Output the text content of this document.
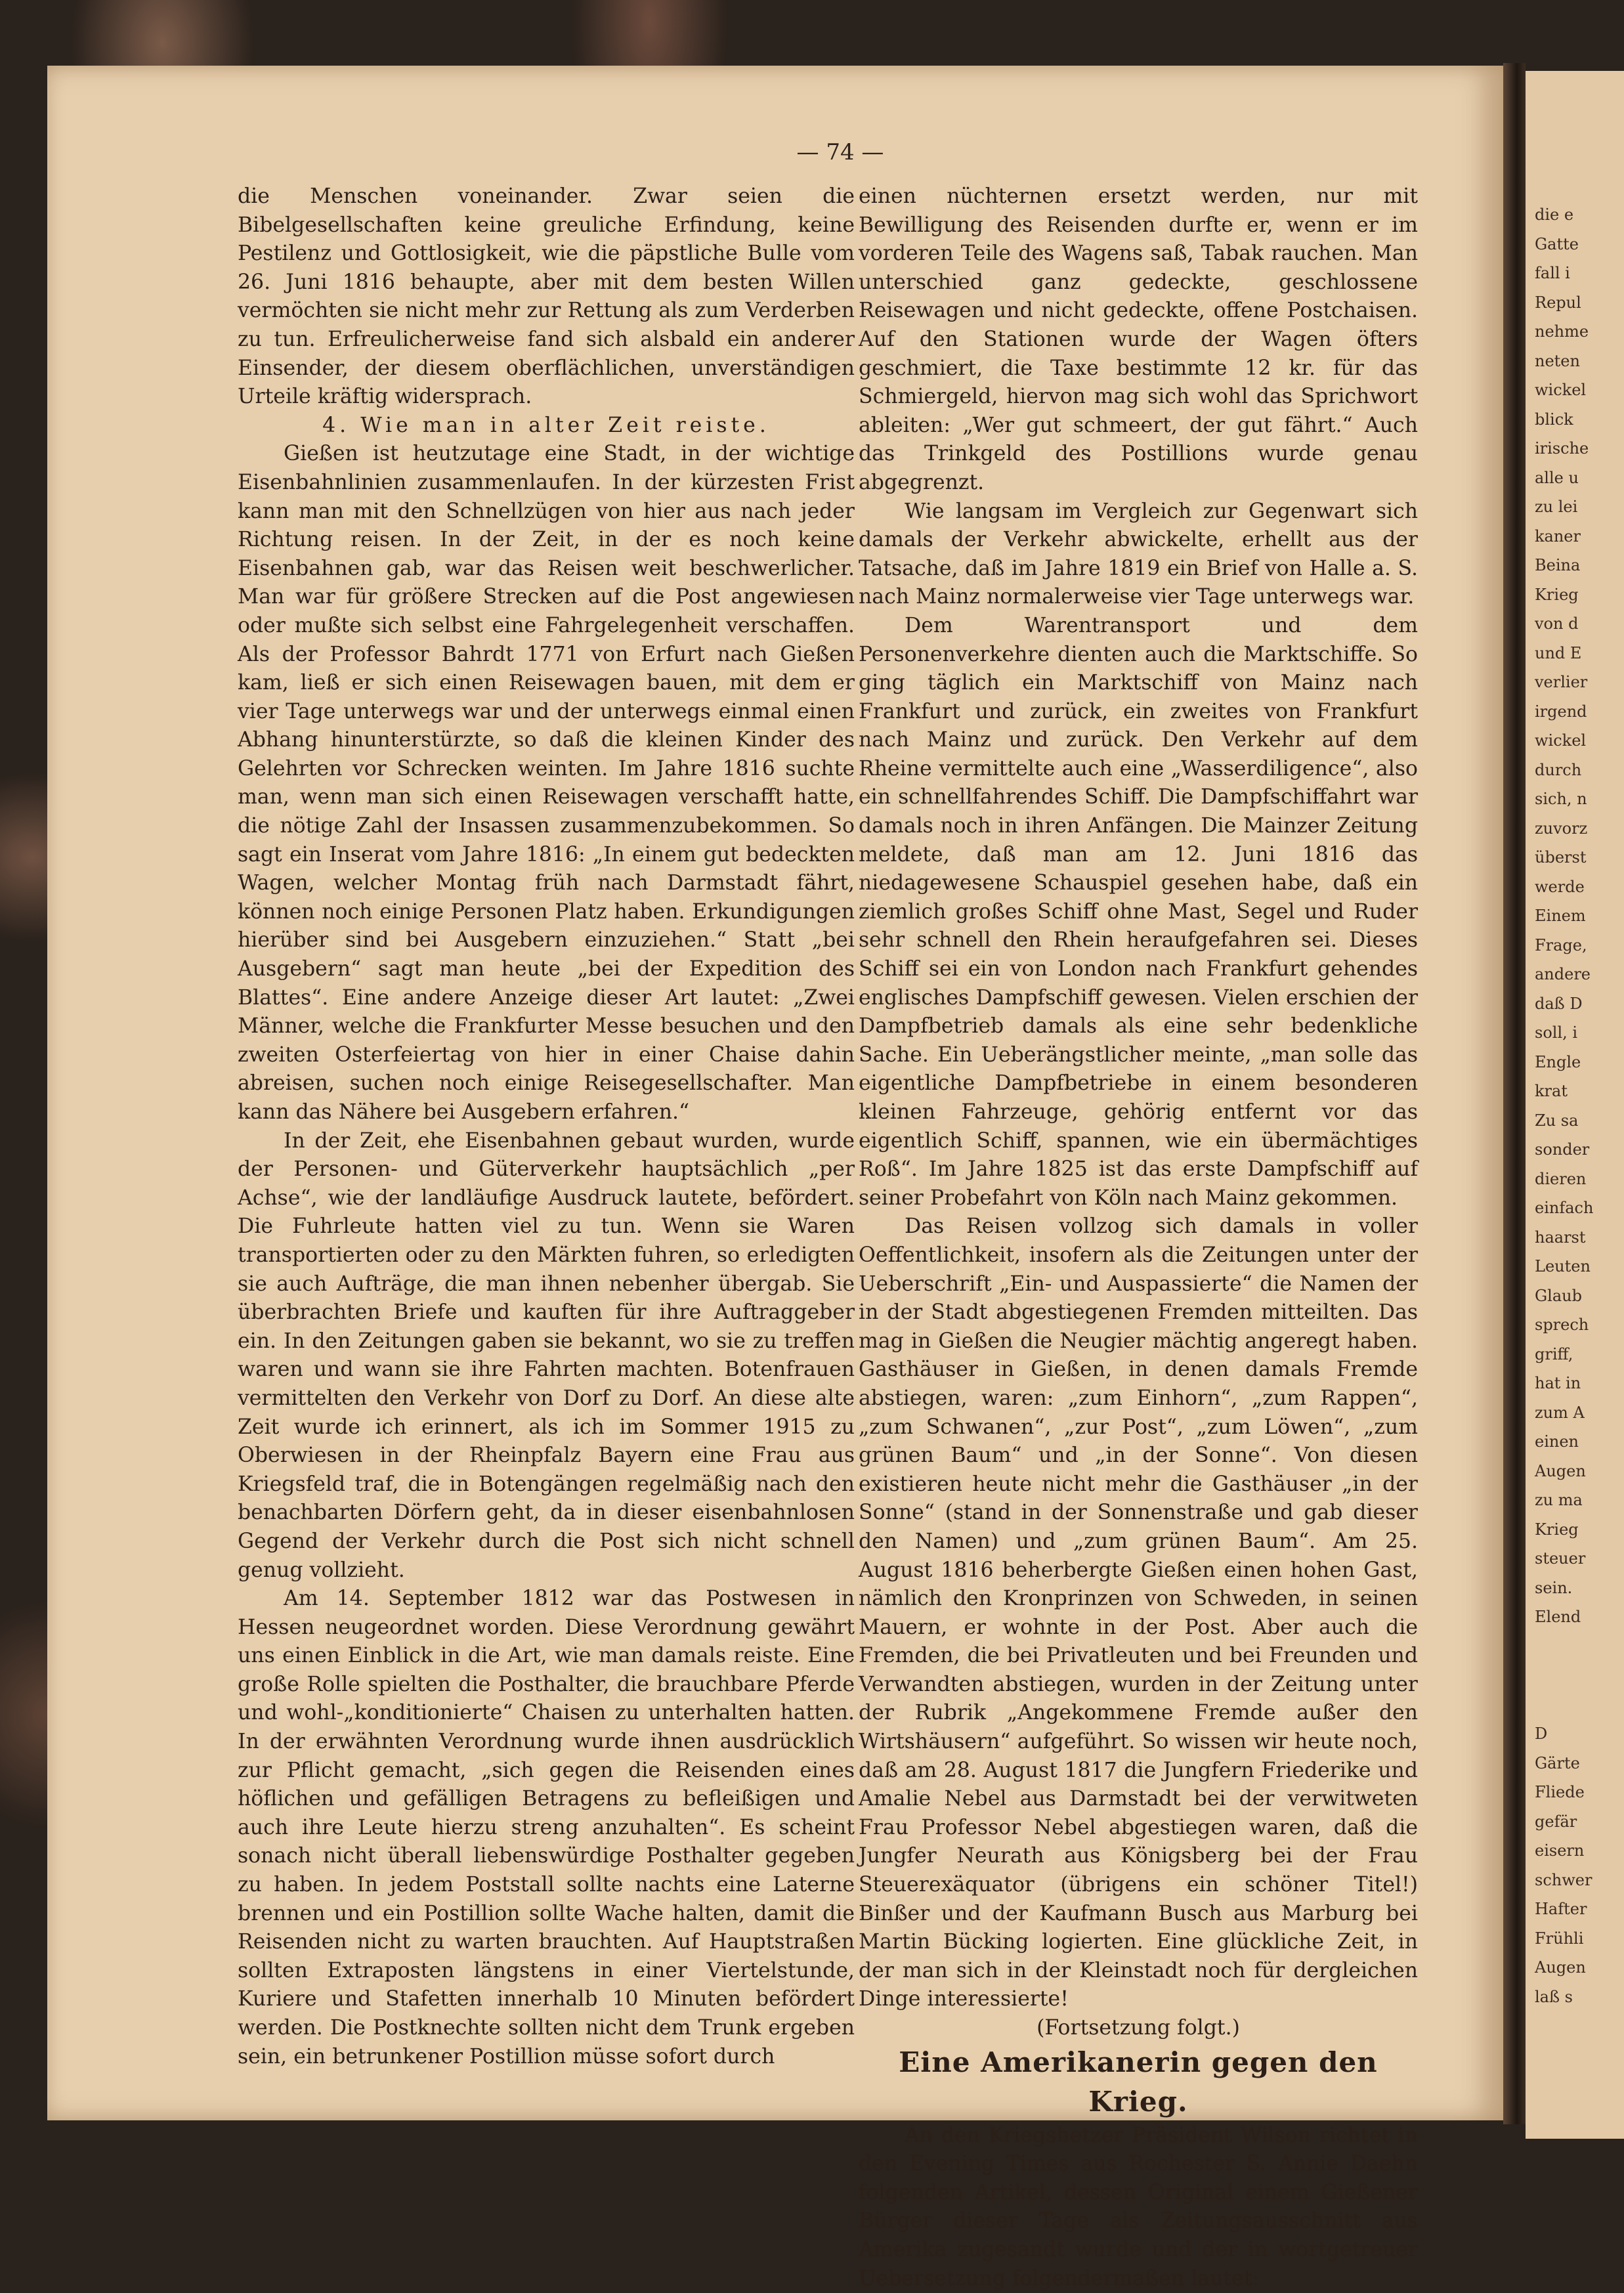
die e
Gatte
fall i
Repul
nehme
neten
wickel
blick
irische
alle u
zu lei
kaner
Beina
Krieg
von d
und E
verlier
irgend
wickel
durch
sich, n
zuvorz
überst
werde
Einem
Frage,
andere
daß D
soll, i
Engle
krat
Zu sa
sonder
dieren
einfach
haarst
Leuten
Glaub
sprech
griff,
hat in
zum A
einen
Augen
zu ma
Krieg
steuer
sein.
Elend
D
Gärte
Fliede
gefär
eisern
schwer
Hafter
Frühli
Augen
laß s
— 74 —

die Menschen voneinander. Zwar seien die Bibelgesellschaften keine greuliche Erfindung, keine Pestilenz und Gottlosigkeit, wie die päpstliche Bulle vom 26. Juni 1816 behaupte, aber mit dem besten Willen vermöchten sie nicht mehr zur Rettung als zum Verderben zu tun. Erfreulicherweise fand sich alsbald ein anderer Einsender, der diesem oberflächlichen, unverständigen Urteile kräftig widersprach.

4. Wie man in alter Zeit reiste.

Gießen ist heutzutage eine Stadt, in der wichtige Eisenbahnlinien zusammenlaufen. In der kürzesten Frist kann man mit den Schnellzügen von hier aus nach jeder Richtung reisen. In der Zeit, in der es noch keine Eisenbahnen gab, war das Reisen weit beschwerlicher. Man war für größere Strecken auf die Post angewiesen oder mußte sich selbst eine Fahrgelegenheit verschaffen. Als der Professor Bahrdt 1771 von Erfurt nach Gießen kam, ließ er sich einen Reisewagen bauen, mit dem er vier Tage unterwegs war und der unterwegs einmal einen Abhang hinunterstürzte, so daß die kleinen Kinder des Gelehrten vor Schrecken weinten. Im Jahre 1816 suchte man, wenn man sich einen Reisewagen verschafft hatte, die nötige Zahl der Insassen zusammenzubekommen. So sagt ein Inserat vom Jahre 1816: „In einem gut bedeckten Wagen, welcher Montag früh nach Darmstadt fährt, können noch einige Personen Platz haben. Erkundigungen hierüber sind bei Ausgebern einzuziehen.“ Statt „bei Ausgebern“ sagt man heute „bei der Expedition des Blattes“. Eine andere Anzeige dieser Art lautet: „Zwei Männer, welche die Frankfurter Messe besuchen und den zweiten Osterfeiertag von hier in einer Chaise dahin abreisen, suchen noch einige Reisegesellschafter. Man kann das Nähere bei Ausgebern erfahren.“

In der Zeit, ehe Eisenbahnen gebaut wurden, wurde der Personen- und Güterverkehr hauptsächlich „per Achse“, wie der landläufige Ausdruck lautete, befördert. Die Fuhrleute hatten viel zu tun. Wenn sie Waren transportierten oder zu den Märkten fuhren, so erledigten sie auch Aufträge, die man ihnen nebenher übergab. Sie überbrachten Briefe und kauften für ihre Auftraggeber ein. In den Zeitungen gaben sie bekannt, wo sie zu treffen waren und wann sie ihre Fahrten machten. Botenfrauen vermittelten den Verkehr von Dorf zu Dorf. An diese alte Zeit wurde ich erinnert, als ich im Sommer 1915 zu Oberwiesen in der Rheinpfalz Bayern eine Frau aus Kriegsfeld traf, die in Botengängen regelmäßig nach den benachbarten Dörfern geht, da in dieser eisenbahnlosen Gegend der Verkehr durch die Post sich nicht schnell genug vollzieht.

Am 14. September 1812 war das Postwesen in Hessen neugeordnet worden. Diese Verordnung gewährt uns einen Einblick in die Art, wie man damals reiste. Eine große Rolle spielten die Posthalter, die brauchbare Pferde und wohl-„konditionierte“ Chaisen zu unterhalten hatten. In der erwähnten Verordnung wurde ihnen ausdrücklich zur Pflicht gemacht, „sich gegen die Reisenden eines höflichen und gefälligen Betragens zu befleißigen und auch ihre Leute hierzu streng anzuhalten“. Es scheint sonach nicht überall liebenswürdige Posthalter gegeben zu haben. In jedem Poststall sollte nachts eine Laterne brennen und ein Postillion sollte Wache halten, damit die Reisenden nicht zu warten brauchten. Auf Hauptstraßen sollten Extraposten längstens in einer Viertelstunde, Kuriere und Stafetten innerhalb 10 Minuten befördert werden. Die Postknechte sollten nicht dem Trunk ergeben sein, ein betrunkener Postillion müsse sofort durch

einen nüchternen ersetzt werden, nur mit Bewilligung des Reisenden durfte er, wenn er im vorderen Teile des Wagens saß, Tabak rauchen. Man unterschied ganz gedeckte, geschlossene Reisewagen und nicht gedeckte, offene Postchaisen. Auf den Stationen wurde der Wagen öfters geschmiert, die Taxe bestimmte 12 kr. für das Schmiergeld, hiervon mag sich wohl das Sprichwort ableiten: „Wer gut schmeert, der gut fährt.“ Auch das Trinkgeld des Postillions wurde genau abgegrenzt.

Wie langsam im Vergleich zur Gegenwart sich damals der Verkehr abwickelte, erhellt aus der Tatsache, daß im Jahre 1819 ein Brief von Halle a. S. nach Mainz normalerweise vier Tage unterwegs war.

Dem Warentransport und dem Personenverkehre dienten auch die Marktschiffe. So ging täglich ein Marktschiff von Mainz nach Frankfurt und zurück, ein zweites von Frankfurt nach Mainz und zurück. Den Verkehr auf dem Rheine vermittelte auch eine „Wasserdiligence“, also ein schnellfahrendes Schiff. Die Dampfschiffahrt war damals noch in ihren Anfängen. Die Mainzer Zeitung meldete, daß man am 12. Juni 1816 das niedagewesene Schauspiel gesehen habe, daß ein ziemlich großes Schiff ohne Mast, Segel und Ruder sehr schnell den Rhein heraufgefahren sei. Dieses Schiff sei ein von London nach Frankfurt gehendes englisches Dampfschiff gewesen. Vielen erschien der Dampfbetrieb damals als eine sehr bedenkliche Sache. Ein Ueberängstlicher meinte, „man solle das eigentliche Dampfbetriebe in einem besonderen kleinen Fahrzeuge, gehörig entfernt vor das eigentlich Schiff, spannen, wie ein übermächtiges Roß“. Im Jahre 1825 ist das erste Dampfschiff auf seiner Probefahrt von Köln nach Mainz gekommen.

Das Reisen vollzog sich damals in voller Oeffentlichkeit, insofern als die Zeitungen unter der Ueberschrift „Ein- und Auspassierte“ die Namen der in der Stadt abgestiegenen Fremden mitteilten. Das mag in Gießen die Neugier mächtig angeregt haben. Gasthäuser in Gießen, in denen damals Fremde abstiegen, waren: „zum Einhorn“, „zum Rappen“, „zum Schwanen“, „zur Post“, „zum Löwen“, „zum grünen Baum“ und „in der Sonne“. Von diesen existieren heute nicht mehr die Gasthäuser „in der Sonne“ (stand in der Sonnenstraße und gab dieser den Namen) und „zum grünen Baum“. Am 25. August 1816 beherbergte Gießen einen hohen Gast, nämlich den Kronprinzen von Schweden, in seinen Mauern, er wohnte in der Post. Aber auch die Fremden, die bei Privatleuten und bei Freunden und Verwandten abstiegen, wurden in der Zeitung unter der Rubrik „Angekommene Fremde außer den Wirtshäusern“ aufgeführt. So wissen wir heute noch, daß am 28. August 1817 die Jungfern Friederike und Amalie Nebel aus Darmstadt bei der verwitweten Frau Professor Nebel abgestiegen waren, daß die Jungfer Neurath aus Königsberg bei der Frau Steuerexäquator (übrigens ein schöner Titel!) Binßer und der Kaufmann Busch aus Marburg bei Martin Bücking logierten. Eine glückliche Zeit, in der man sich in der Kleinstadt noch für dergleichen Dinge interessierte!

(Fortsetzung folgt.)

Eine Amerikanerin gegen den Krieg.

An den Kriegshetzer Präsident Wilson richtet in den Evening Times aus Rochester S. Annie Daehn folgenden Artikel, dessen Original einem Gießener Bürger dieser Tage als Zeitungsausschnitt aus Amerika zugesandt wurde und der in wortgetreuer Uebersetzung folgendermaßen lautet:
